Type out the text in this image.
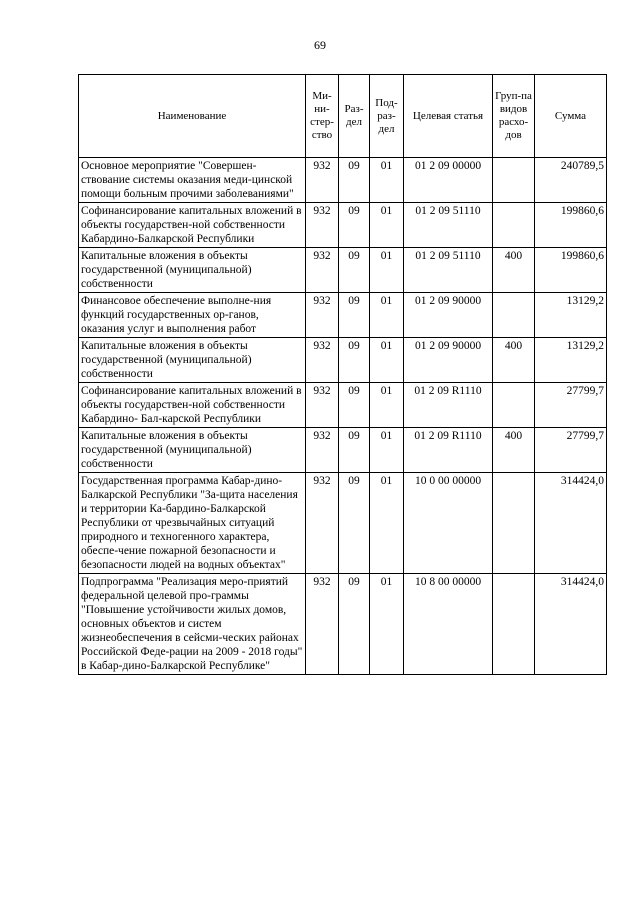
69
Наименование	Ми-ни-стер-ство	Раз-дел	Под-раз-дел	Целевая статья	Груп-па видов расхо-дов	Сумма
Основное мероприятие "Совершен-ствование системы оказания меди-цинской помощи больным прочими заболеваниями"	932	09	01	01 2 09 00000		240789,5
Софинансирование капитальных вложений в объекты государствен-ной собственности Кабардино-Балкарской Республики	932	09	01	01 2 09 51110		199860,6
Капитальные вложения в объекты государственной (муниципальной) собственности	932	09	01	01 2 09 51110	400	199860,6
Финансовое обеспечение выполне-ния функций государственных ор-ганов, оказания услуг и выполнения работ	932	09	01	01 2 09 90000		13129,2
Капитальные вложения в объекты государственной (муниципальной) собственности	932	09	01	01 2 09 90000	400	13129,2
Софинансирование капитальных вложений в объекты государствен-ной собственности Кабардино- Бал-карской Республики	932	09	01	01 2 09 R1110		27799,7
Капитальные вложения в объекты государственной (муниципальной) собственности	932	09	01	01 2 09 R1110	400	27799,7
Государственная программа Кабар-дино-Балкарской Республики "За-щита населения и территории Ка-бардино-Балкарской Республики от чрезвычайных ситуаций природного и техногенного характера, обеспе-чение пожарной безопасности и безопасности людей на водных объектах"	932	09	01	10 0 00 00000		314424,0
Подпрограмма "Реализация меро-приятий федеральной целевой про-граммы "Повышение устойчивости жилых домов, основных объектов и систем жизнеобеспечения в сейсми-ческих районах Российской Феде-рации на 2009 - 2018 годы" в Кабар-дино-Балкарской Республике"	932	09	01	10 8 00 00000		314424,0
